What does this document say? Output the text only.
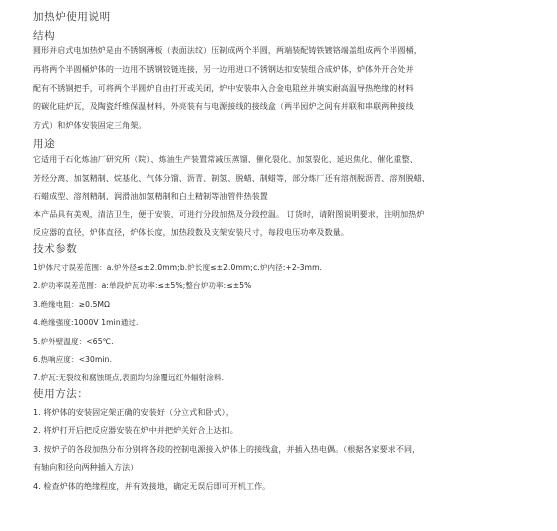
加热炉使用说明
结构
圆形并启式电加热炉是由不锈钢薄板（表面法纹）压制成两个半圆，两端装配铸铁镀铬端盖组成两个半圆桶，
再将两个半圆桶炉体的一边用不锈钢铰链连接，另一边用进口不锈钢达扣安装组合成炉体，炉体外开合处并
配有不锈钢把手，可将两个半圆炉自由打开或关闭，炉中安装串入合金电阻丝并填实耐高温导热绝缘的材料
的碳化硅炉瓦，及陶瓷纤维保温材料，外亮装有与电源接线的接线盒（两半园炉之间有并联和串联两种接线
方式）和炉体安装固定三角架。
用途
它适用于石化炼油厂研究所（院）、炼油生产装置常减压蒸馏、催化裂化、加氢裂化、延迟焦化、催化重整、
芳烃分离、加氢精制、烷基化、气体分馏、沥青、制氢、脱蜡、制蜡等，部分炼厂还有溶剂脱沥青、溶剂脱蜡、
石蜡成型、溶剂精制、润滑油加氢精制和白土精制等油管件热装置
本产品具有美观，清洁卫生，便于安装，可进行分段加热及分段控温。 订货时，请附图说明要求，注明加热炉
反应器的直径，炉体直径，炉体长度，加热段数及支架安装尺寸，每段电压功率及数量。
技术参数
1炉体尺寸误差范围：a.炉外径≤±2.0mm;b.炉长度≤±2.0mm;c.炉内径:+2-3mm.
2.炉功率误差范围：a:单段炉瓦功率:≤±5%;整台炉功率:≤±5%
3.绝缘电阻：≥0.5MΩ
4.绝缘强度:1000V 1min通过.
5.炉外壁温度：<65℃.
6.热响应度：<30min.
7.炉瓦:无裂纹和腐蚀斑点,表面均匀涂覆远红外辐射涂料.
使用方法：
1. 将炉体的安装固定架正确的安装好（分立式和卧式），
2. 将炉打开后把反应器安装在炉中并把炉关好合上达扣。
3. 按炉子的各段加热分布分别将各段的控制电源接入炉体上的接线盒，并插入热电偶。（根据各家要求不同，
有轴向和径向两种插入方法）
4. 检查炉体的绝缘程度，并有效接地，确定无误后即可开机工作。
